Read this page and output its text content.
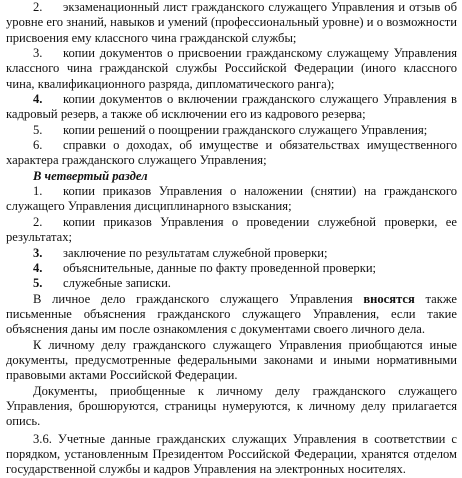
2. экзаменационный лист гражданского служащего Управления и отзыв об уровне его знаний, навыков и умений (профессиональный уровне) и о возможности присвоения ему классного чина гражданской службы;

3. копии документов о присвоении гражданскому служащему Управления классного чина гражданской службы Российской Федерации (иного классного чина, квалификационного разряда, дипломатического ранга);

4. копии документов о включении гражданского служащего Управления в кадровый резерв, а также об исключении его из кадрового резерва;

5. копии решений о поощрении гражданского служащего Управления;

6. справки о доходах, об имуществе и обязательствах имущественного характера гражданского служащего Управления;

В четвертый раздел

1. копии приказов Управления о наложении (снятии) на гражданского служащего Управления дисциплинарного взыскания;

2. копии приказов Управления о проведении служебной проверки, ее результатах;

3. заключение по результатам служебной проверки;

4. объяснительные, данные по факту проведенной проверки;

5. служебные записки.

В личное дело гражданского служащего Управления вносятся также письменные объяснения гражданского служащего Управления, если такие объяснения даны им после ознакомления с документами своего личного дела.

К личному делу гражданского служащего Управления приобщаются иные документы, предусмотренные федеральными законами и иными нормативными правовыми актами Российской Федерации.

Документы, приобщенные к личному делу гражданского служащего Управления, брошюруются, страницы нумеруются, к личному делу прилагается опись.

3.6. Учетные данные гражданских служащих Управления в соответствии с порядком, установленным Президентом Российской Федерации, хранятся отделом государственной службы и кадров Управления на электронных носителях.
